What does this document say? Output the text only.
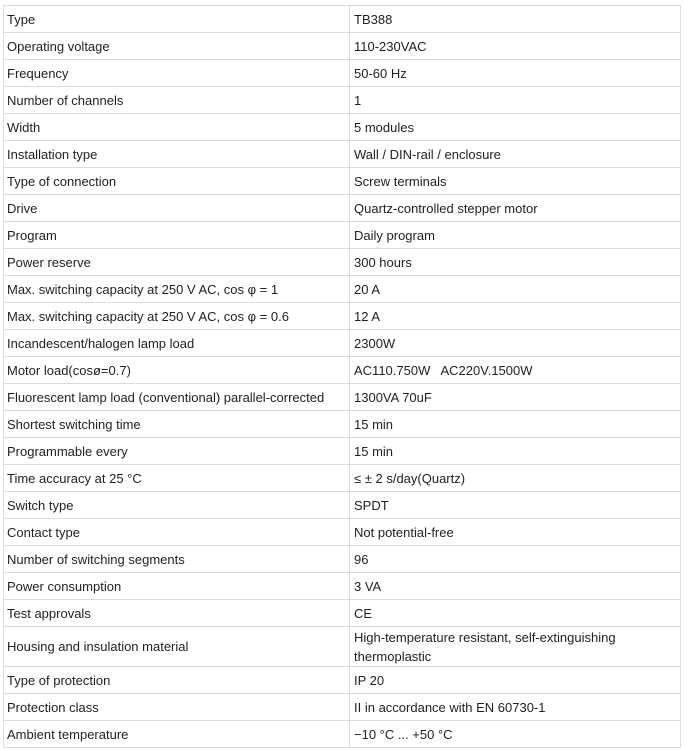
Type	TB388
Operating voltage	110-230VAC
Frequency	50-60 Hz
Number of channels	1
Width	5 modules
Installation type	Wall / DIN-rail / enclosure
Type of connection	Screw terminals
Drive	Quartz-controlled stepper motor
Program	Daily program
Power reserve	300 hours
Max. switching capacity at 250 V AC, cos φ = 1	20 A
Max. switching capacity at 250 V AC, cos φ = 0.6	12 A
Incandescent/halogen lamp load	2300W
Motor load(cosø=0.7)	AC110.750W   AC220V.1500W
Fluorescent lamp load (conventional) parallel-corrected	1300VA 70uF
Shortest switching time	15 min
Programmable every	15 min
Time accuracy at 25 °C	≤ ± 2 s/day(Quartz)
Switch type	SPDT
Contact type	Not potential-free
Number of switching segments	96
Power consumption	3 VA
Test approvals	CE
Housing and insulation material	High-temperature resistant, self-extinguishing thermoplastic
Type of protection	IP 20
Protection class	II in accordance with EN 60730-1
Ambient temperature	−10 °C ... +50 °C
